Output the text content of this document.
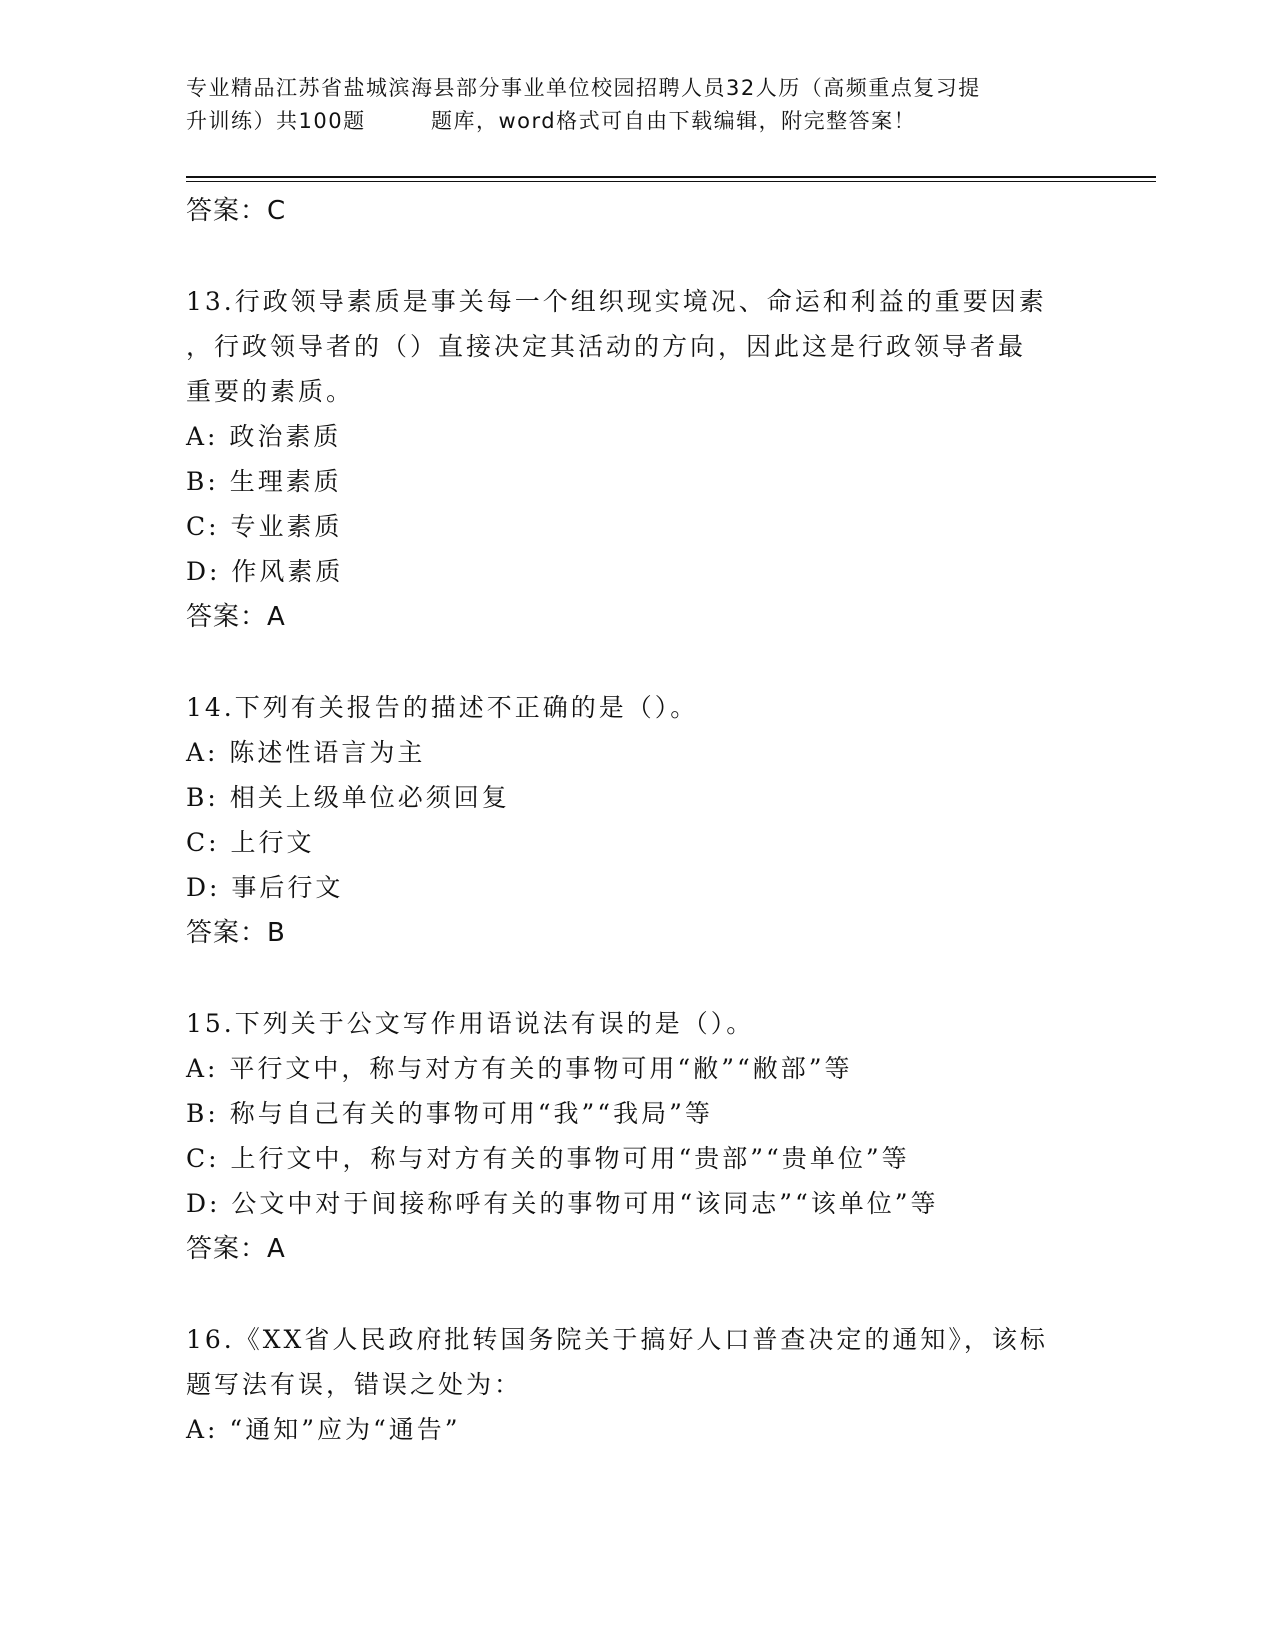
专业精品江苏省盐城滨海县部分事业单位校园招聘人员32人历（高频重点复习提
升训练）共100题        题库，word格式可自由下载编辑，附完整答案！

答案：C

13.行政领导素质是事关每一个组织现实境况、命运和利益的重要因素

，行政领导者的（）直接决定其活动的方向，因此这是行政领导者最

重要的素质。

A: 政治素质

B: 生理素质

C: 专业素质

D: 作风素质

答案：A

14.下列有关报告的描述不正确的是（）。

A: 陈述性语言为主

B: 相关上级单位必须回复

C: 上行文

D: 事后行文

答案：B

15.下列关于公文写作用语说法有误的是（）。

A: 平行文中，称与对方有关的事物可用“敝”“敝部”等

B: 称与自己有关的事物可用“我”“我局”等

C: 上行文中，称与对方有关的事物可用“贵部”“贵单位”等

D: 公文中对于间接称呼有关的事物可用“该同志”“该单位”等

答案：A

16.《XX省人民政府批转国务院关于搞好人口普查决定的通知》，该标

题写法有误，错误之处为：

A: “通知”应为“通告”
